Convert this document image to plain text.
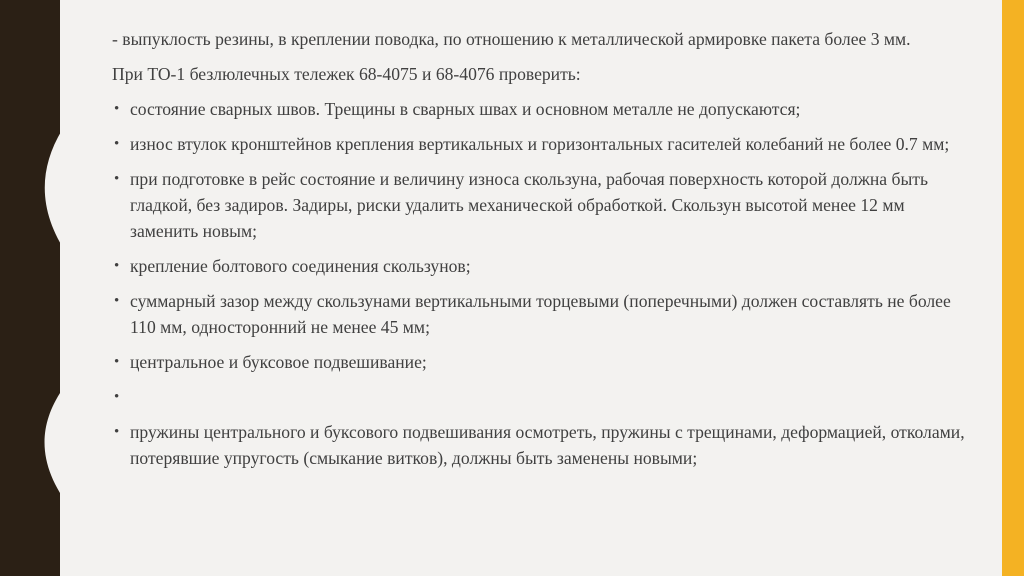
- выпуклость резины, в креплении поводка, по отношению к металлической армировке пакета более 3 мм.

При ТО-1 безлюлечных тележек 68-4075 и 68-4076 проверить:

• состояние сварных швов. Трещины в сварных швах и основном металле не допускаются;
• износ втулок кронштейнов крепления вертикальных и горизонтальных гасителей колебаний не более 0.7 мм;
• при подготовке в рейс состояние и величину износа скользуна, рабочая поверхность которой должна быть гладкой, без задиров. Задиры, риски удалить механической обработкой. Скользун высотой менее 12 мм заменить новым;
• крепление болтового соединения скользунов;
• суммарный зазор между скользунами вертикальными торцевыми (поперечными) должен составлять не более 110 мм, односторонний не менее 45 мм;
• центральное и буксовое подвешивание;
•
• пружины центрального и буксового подвешивания осмотреть, пружины с трещинами, деформацией, отколами, потерявшие упругость (смыкание витков), должны быть заменены новыми;
